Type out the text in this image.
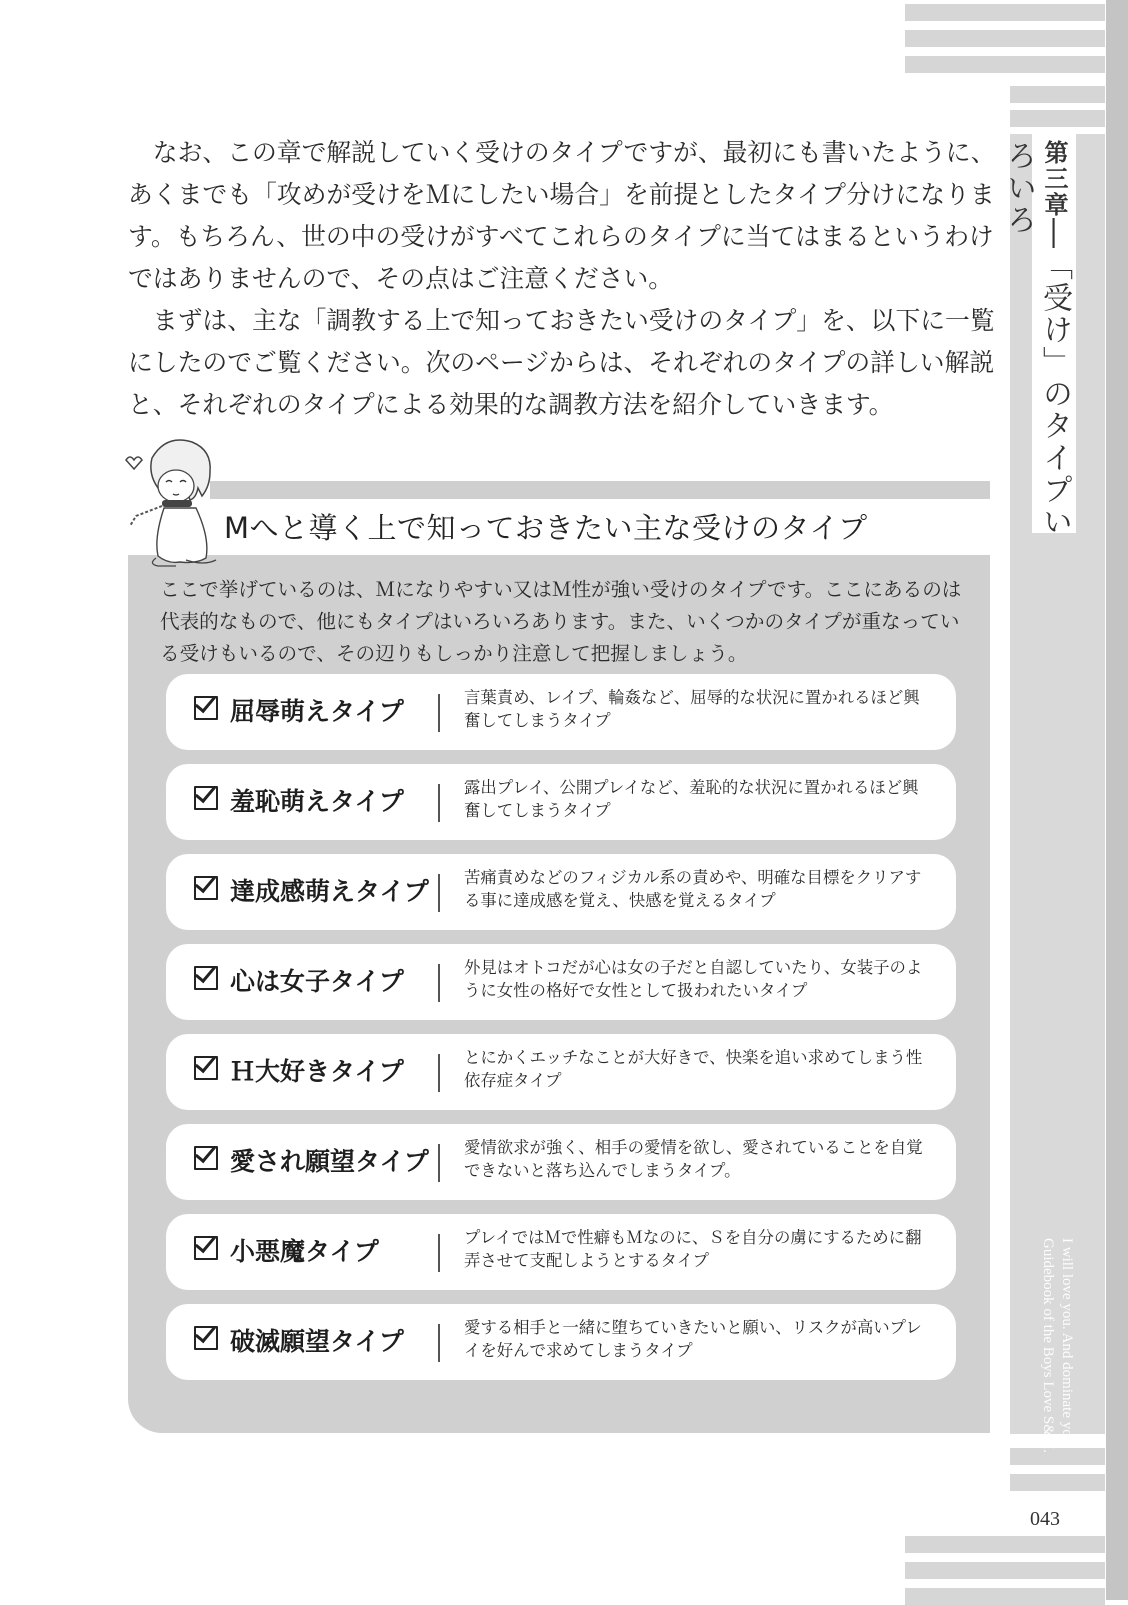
第三章―「受け」のタイプいろいろ
I will love you. And dominate you.
Guidebook of the Boys Love S&M.
043

なお、この章で解説していく受けのタイプですが、最初にも書いたように、あくまでも「攻めが受けをＭにしたい場合」を前提としたタイプ分けになります。もちろん、世の中の受けがすべてこれらのタイプに当てはまるというわけではありませんので、その点はご注意ください。

まずは、主な「調教する上で知っておきたい受けのタイプ」を、以下に一覧にしたのでご覧ください。次のページからは、それぞれのタイプの詳しい解説と、それぞれのタイプによる効果的な調教方法を紹介していきます。

Mへと導く上で知っておきたい主な受けのタイプ
ここで挙げているのは、Ｍになりやすい又はＭ性が強い受けのタイプです。ここにあるのは代表的なもので、他にもタイプはいろいろあります。また、いくつかのタイプが重なっている受けもいるので、その辺りもしっかり注意して把握しましょう。
屈辱萌えタイプ	言葉責め、レイプ、輪姦など、屈辱的な状況に置かれるほど興奮してしまうタイプ
羞恥萌えタイプ	露出プレイ、公開プレイなど、羞恥的な状況に置かれるほど興奮してしまうタイプ
達成感萌えタイプ	苦痛責めなどのフィジカル系の責めや、明確な目標をクリアする事に達成感を覚え、快感を覚えるタイプ
心は女子タイプ	外見はオトコだが心は女の子だと自認していたり、女装子のように女性の格好で女性として扱われたいタイプ
Ｈ大好きタイプ	とにかくエッチなことが大好きで、快楽を追い求めてしまう性依存症タイプ
愛され願望タイプ	愛情欲求が強く、相手の愛情を欲し、愛されていることを自覚できないと落ち込んでしまうタイプ。
小悪魔タイプ	プレイではＭで性癖もＭなのに、Ｓを自分の虜にするために翻弄させて支配しようとするタイプ
破滅願望タイプ	愛する相手と一緒に堕ちていきたいと願い、リスクが高いプレイを好んで求めてしまうタイプ
